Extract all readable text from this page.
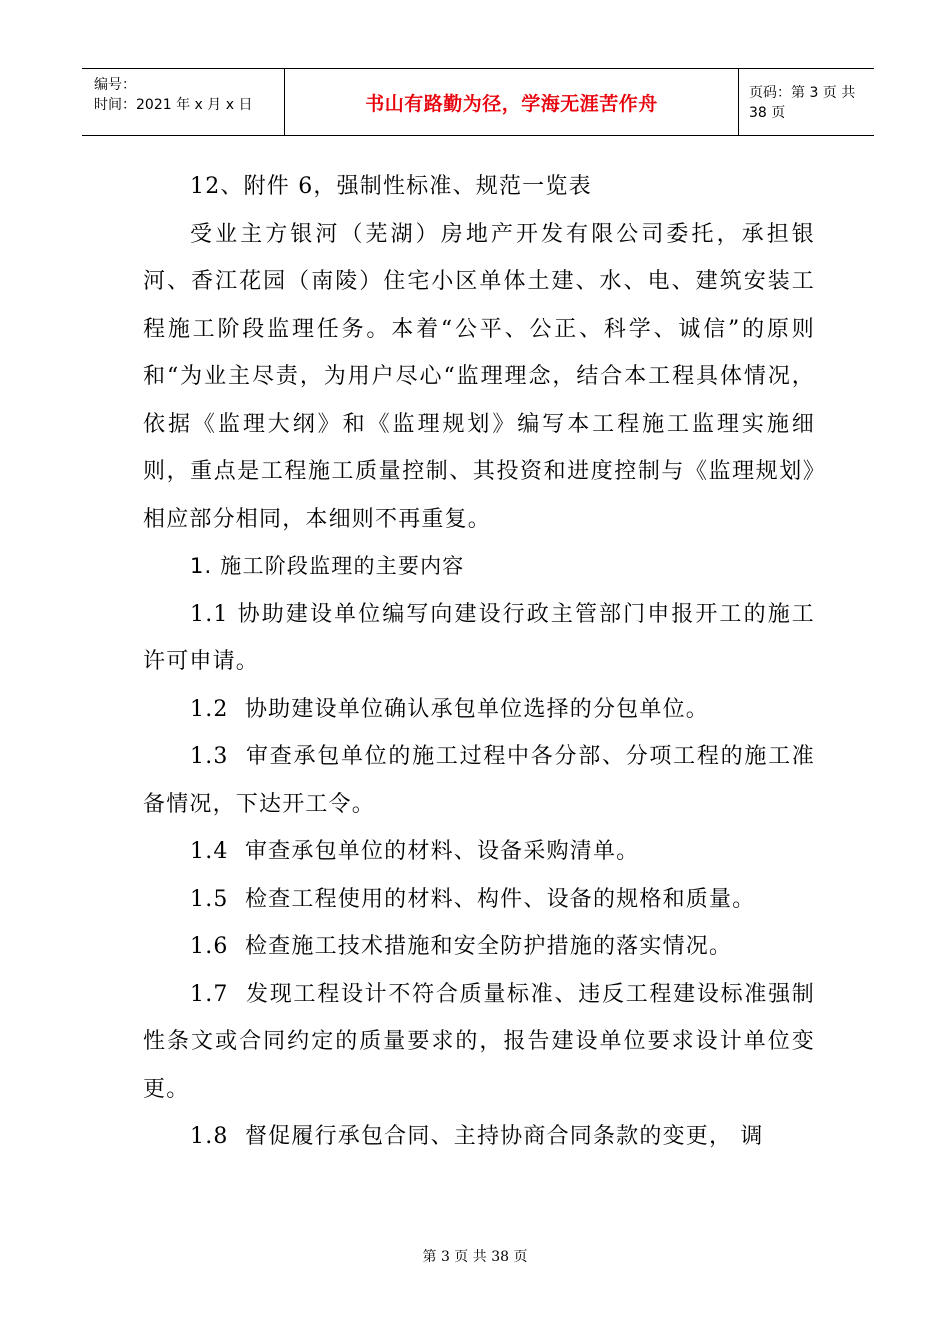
编号：
时间：2021 年 x 月 x 日	书山有路勤为径，学海无涯苦作舟	页码：第 3 页 共 38 页

12、附件 6，强制性标准、规范一览表

受业主方银河（芜湖）房地产开发有限公司委托，承担银河、香江花园（南陵）住宅小区单体土建、水、电、建筑安装工程施工阶段监理任务。本着“公平、公正、科学、诚信”的原则和“为业主尽责，为用户尽心“监理理念，结合本工程具体情况，依据《监理大纲》和《监理规划》编写本工程施工监理实施细则，重点是工程施工质量控制、其投资和进度控制与《监理规划》相应部分相同，本细则不再重复。

1. 施工阶段监理的主要内容

1.1 协助建设单位编写向建设行政主管部门申报开工的施工许可申请。

1.2  协助建设单位确认承包单位选择的分包单位。

1.3  审查承包单位的施工过程中各分部、分项工程的施工准备情况，下达开工令。

1.4  审查承包单位的材料、设备采购清单。

1.5  检查工程使用的材料、构件、设备的规格和质量。

1.6  检查施工技术措施和安全防护措施的落实情况。

1.7  发现工程设计不符合质量标准、违反工程建设标准强制性条文或合同约定的质量要求的，报告建设单位要求设计单位变更。

1.8  督促履行承包合同、主持协商合同条款的变更， 调

第 3 页 共 38 页
